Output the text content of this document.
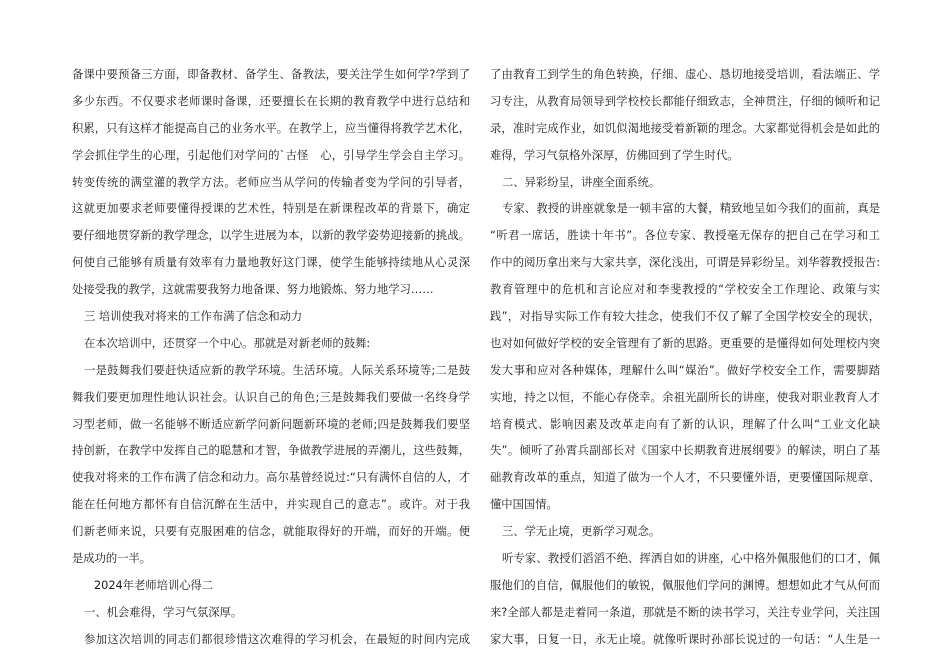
备课中要预备三方面，即备教材、备学生、备教法，要关注学生如何学?学到了
多少东西。不仅要求老师课时备课，还要擅长在长期的教育教学中进行总结和
积累，只有这样才能提高自己的业务水平。在教学上，应当懂得将教学艺术化，
学会抓住学生的心理，引起他们对学问的`古怪　心，引导学生学会自主学习。
转变传统的满堂灌的教学方法。老师应当从学问的传输者变为学问的引导者，
这就更加要求老师要懂得授课的艺术性，特别是在新课程改革的背景下，确定
要仔细地贯穿新的教学理念，以学生进展为本，以新的教学姿势迎接新的挑战。
何使自己能够有质量有效率有力量地教好这门课，使学生能够持续地从心灵深
处接受我的教学，这就需要我努力地备课、努力地锻炼、努力地学习……
三 培训使我对将来的工作布满了信念和动力
在本次培训中，还贯穿一个中心。那就是对新老师的鼓舞:
一是鼓舞我们要赶快适应新的教学环境。生活环境。人际关系环境等;二是鼓
舞我们要更加理性地认识社会。认识自己的角色;三是鼓舞我们要做一名终身学
习型老师，做一名能够不断适应新学问新问题新环境的老师;四是鼓舞我们要坚
持创新，在教学中发挥自己的聪慧和才智，争做教学进展的弄潮儿，这些鼓舞，
使我对将来的工作布满了信念和动力。高尔基曾经说过:“只有满怀自信的人，才
能在任何地方都怀有自信沉醉在生活中，并实现自己的意志”。或许。对于我
们新老师来说，只要有克服困难的信念，就能取得好的开端，而好的开端。便
是成功的一半。
2024年老师培训心得二
一、机会难得，学习气氛深厚。
参加这次培训的同志们都很珍惜这次难得的学习机会，在最短的时间内完成
了由教育工到学生的角色转换，仔细、虚心、恳切地接受培训，看法端正、学
习专注，从教育局领导到学校校长都能仔细致志，全神贯注，仔细的倾听和记
录，准时完成作业，如饥似渴地接受着新颖的理念。大家都觉得机会是如此的
难得，学习气氛格外深厚，仿佛回到了学生时代。
二、异彩纷呈，讲座全面系统。
专家、教授的讲座就象是一顿丰富的大餐，精致地呈如今我们的面前，真是
“听君一席话，胜读十年书”。各位专家、教授毫无保存的把自己在学习和工
作中的阅历拿出来与大家共享，深化浅出，可谓是异彩纷呈。刘华蓉教授报告:
教育管理中的危机和言论应对和李斐教授的“学校安全工作理论、政策与实
践”，对指导实际工作有较大挂念，使我们不仅了解了全国学校安全的现状，
也对如何做好学校的安全管理有了新的思路。更重要的是懂得如何处理校内突
发大事和应对各种媒体，理解什么叫“媒治”。做好学校安全工作，需要脚踏
实地，持之以恒，不能心存侥幸。余祖光副所长的讲座，使我对职业教育人才
培育模式、影响因素及改革走向有了新的认识，理解了什么叫“工业文化缺
失”。倾听了孙霄兵副部长对《国家中长期教育进展纲要》的解读，明白了基
础教育改革的重点，知道了做为一个人才，不只要懂外语，更要懂国际规章、
懂中国国情。
三、学无止境，更新学习观念。
听专家、教授们滔滔不绝、挥洒自如的讲座，心中格外佩服他们的口才，佩
服他们的自信，佩服他们的敏锐，佩服他们学问的渊博。想想如此才气从何而
来?全部人都是走着同一条道，那就是不断的读书学习，关注专业学问，关注国
家大事，日复一日，永无止境。就像听课时孙部长说过的一句话：“人生是一
